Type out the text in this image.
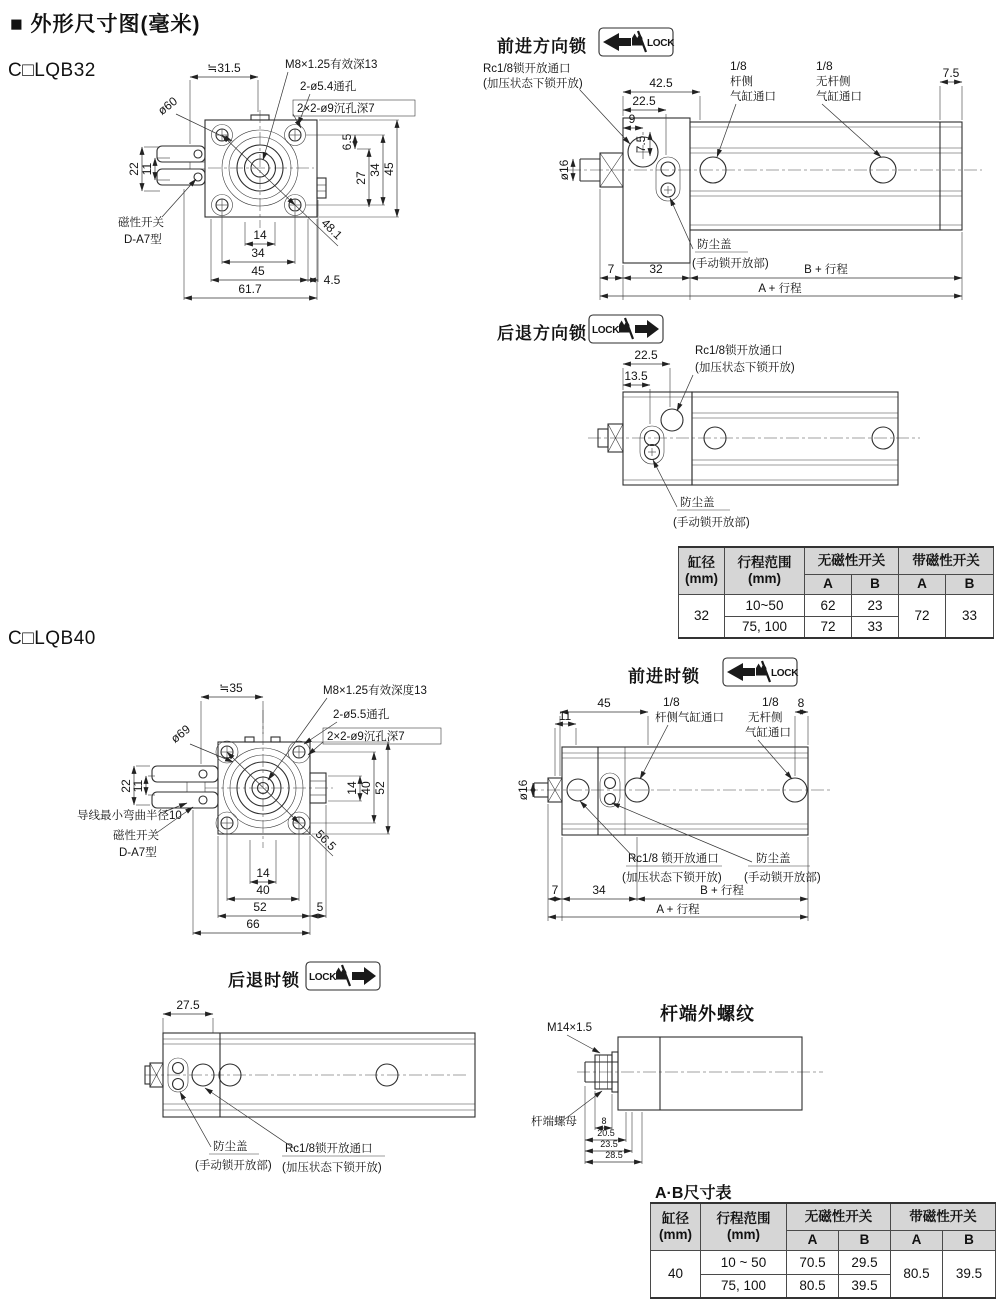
■ 外形尺寸图(毫米)
C□LQB32	≒31.5
22 11
6.5
27
34 45
48.1
14
34
45
4.5
61.7
M8×1.25有效深13
2-ø5.4通孔
2×2-ø9沉孔深7
ø60
磁性开关
D-A7型
前进方向锁	LOCK
42.5
22.5
9
7.5
7.5
ø16
7	32	B + 行程
A + 行程
Rc1/8锁开放通口
(加压状态下锁开放)
1/8
杆侧
气缸通口
1/8
无杆侧
气缸通口
防尘盖
(手动锁开放部)
后退方向锁 LOCK
22.5
13.5
Rc1/8锁开放通口
(加压状态下锁开放)
防尘盖
(手动锁开放部)
缸径
(mm)

行程范围
(mm)
	无磁性开关	带磁性开关
		A	B	A	B
32	10~50	62	23	72	33
	75, 100	72	33		
C□LQB40
≒35
22
11	14 40 52
56.5
14
40
52	5
66
M8×1.25有效深度13
2-ø5.5通孔
2×2-ø9沉孔深7
ø69
导线最小弯曲半径10
磁性开关
D-A7型
前进时锁	LOCK
45
11
8
ø16
7	34	B + 行程
A + 行程
1/8
杆侧气缸通口
1/8
无杆侧
气缸通口
Rc1/8 锁开放通口
(加压状态下锁开放)
防尘盖
(手动锁开放部)
后退时锁 LOCK
27.5
防尘盖
(手动锁开放部)
Rc1/8锁开放通口
(加压状态下锁开放)
杆端外螺纹
M14×1.5
杆端螺母	8
20.5
23.5
28.5
A·B尺寸表
缸径
(mm)

行程范围
(mm)
	无磁性开关	带磁性开关
		A	B	A	B
40	10 ~ 50	70.5	29.5	80.5	39.5
	75, 100	80.5	39.5		
